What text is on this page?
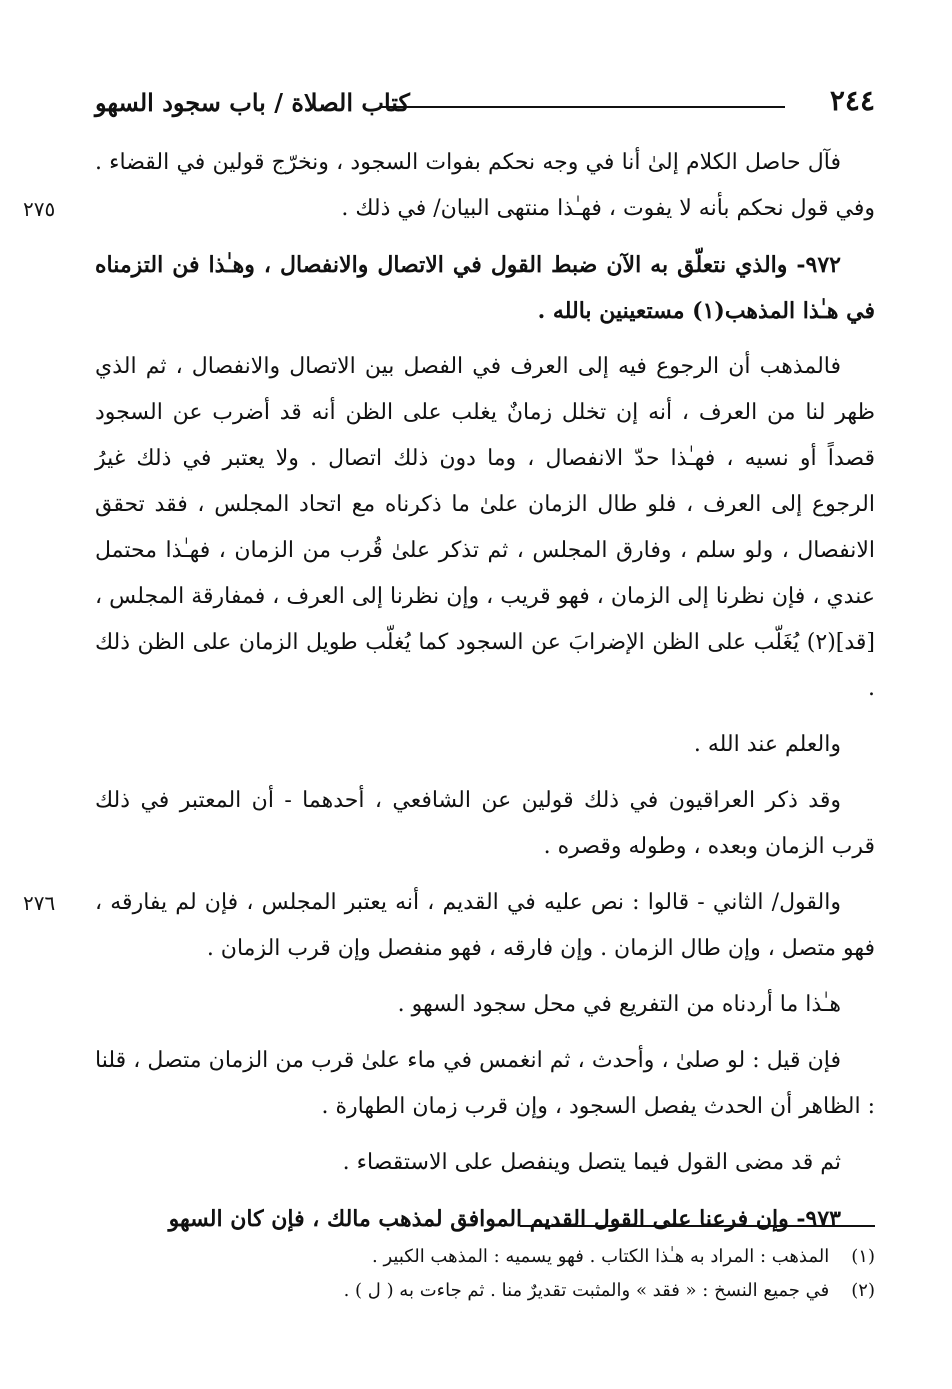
٢٤٤
كتاب الصلاة / باب سجود السهو

فآل حاصل الكلام إلىٰ أنا في وجه نحكم بفوات السجود ، ونخرّج قولين في القضاء . وفي قول نحكم بأنه لا يفوت ، فهـٰذا منتهى البيان/ في ذلك .
٢٧٥

٩٧٢- والذي نتعلّق به الآن ضبط القول في الاتصال والانفصال ، وهـٰذا فن التزمناه في هـٰذا المذهب(١) مستعينين بالله .

فالمذهب أن الرجوع فيه إلى العرف في الفصل بين الاتصال والانفصال ، ثم الذي ظهر لنا من العرف ، أنه إن تخلل زمانٌ يغلب على الظن أنه قد أضرب عن السجود قصداً أو نسيه ، فهـٰذا حدّ الانفصال ، وما دون ذلك اتصال . ولا يعتبر في ذلك غيرُ الرجوع إلى العرف ، فلو طال الزمان علىٰ ما ذكرناه مع اتحاد المجلس ، فقد تحقق الانفصال ، ولو سلم ، وفارق المجلس ، ثم تذكر علىٰ قُرب من الزمان ، فهـٰذا محتمل عندي ، فإن نظرنا إلى الزمان ، فهو قريب ، وإن نظرنا إلى العرف ، فمفارقة المجلس ، [قد](٢) يُغَلّب على الظن الإضرابَ عن السجود كما يُغلّب طويل الزمان على الظن ذلك .

والعلم عند الله .

وقد ذكر العراقيون في ذلك قولين عن الشافعي ، أحدهما - أن المعتبر في ذلك قرب الزمان وبعده ، وطوله وقصره .

والقول/ الثاني - قالوا : نص عليه في القديم ، أنه يعتبر المجلس ، فإن لم يفارقه ، فهو متصل ، وإن طال الزمان . وإن فارقه ، فهو منفصل وإن قرب الزمان .
٢٧٦

هـٰذا ما أردناه من التفريع في محل سجود السهو .

فإن قيل : لو صلىٰ ، وأحدث ، ثم انغمس في ماء علىٰ قرب من الزمان متصل ، قلنا : الظاهر أن الحدث يفصل السجود ، وإن قرب زمان الطهارة .

ثم قد مضى القول فيما يتصل وينفصل على الاستقصاء .

٩٧٣- وإن فرعنا على القول القديم الموافق لمذهب مالك ، فإن كان السهو

(١) المذهب : المراد به هـٰذا الكتاب . فهو يسميه : المذهب الكبير .
(٢) في جميع النسخ : « فقد » والمثبت تقديرٌ منا . ثم جاءت به ( ل ) .
